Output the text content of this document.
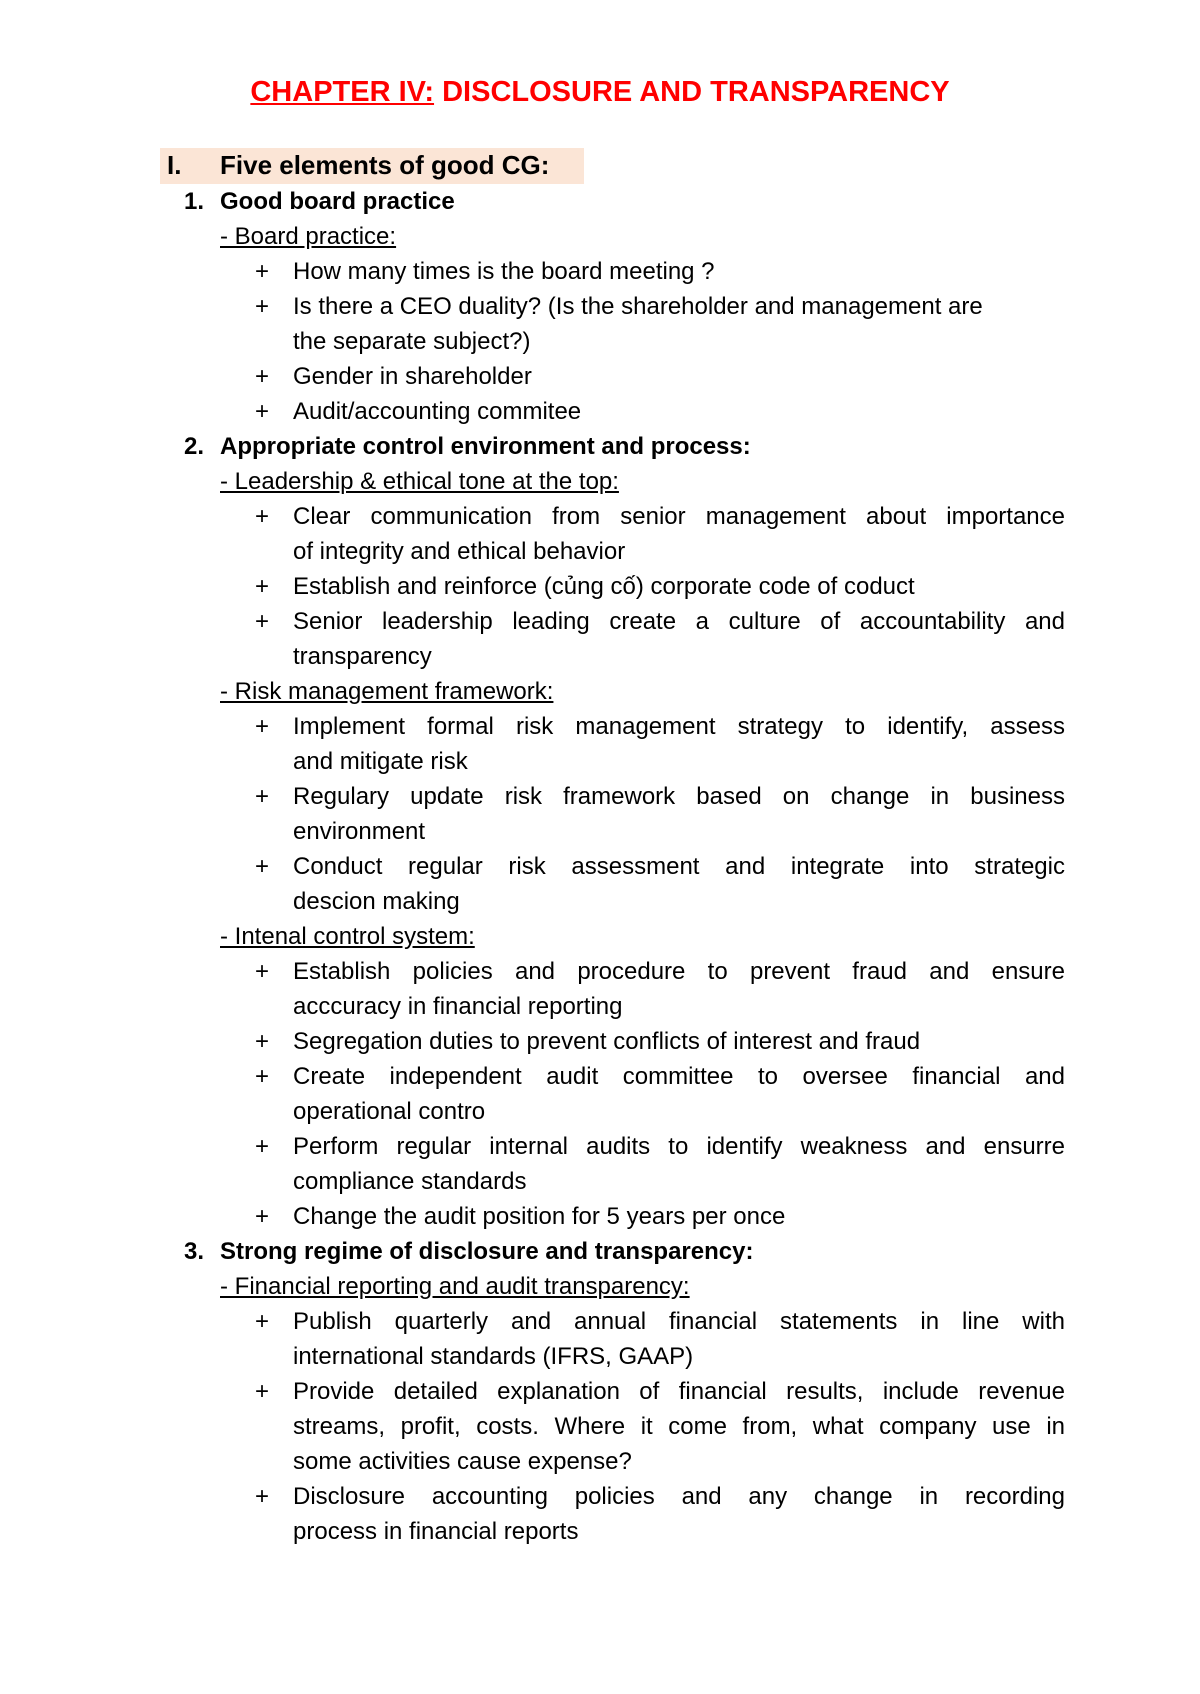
CHAPTER IV: DISCLOSURE AND TRANSPARENCY
I. Five elements of good CG:
1. Good board practice
- Board practice:
+ How many times is the board meeting ?
+ Is there a CEO duality? (Is the shareholder and management are
the separate subject?)
+ Gender in shareholder
+ Audit/accounting commitee
2. Appropriate control environment and process:
- Leadership & ethical tone at the top:
+ Clear communication from senior management about importance
of integrity and ethical behavior
+ Establish and reinforce (củng cố) corporate code of coduct
+ Senior leadership leading create a culture of accountability and
transparency
- Risk management framework:
+ Implement formal risk management strategy to identify, assess
and mitigate risk
+ Regulary update risk framework based on change in business
environment
+ Conduct regular risk assessment and integrate into strategic
descion making
- Intenal control system:
+ Establish policies and procedure to prevent fraud and ensure
acccuracy in financial reporting
+ Segregation duties to prevent conflicts of interest and fraud
+ Create independent audit committee to oversee financial and
operational contro
+ Perform regular internal audits to identify weakness and ensurre
compliance standards
+ Change the audit position for 5 years per once
3. Strong regime of disclosure and transparency:
- Financial reporting and audit transparency:
+ Publish quarterly and annual financial statements in line with
international standards (IFRS, GAAP)
+ Provide detailed explanation of financial results, include revenue
streams, profit, costs. Where it come from, what company use in
some activities cause expense?
+ Disclosure accounting policies and any change in recording
process in financial reports
